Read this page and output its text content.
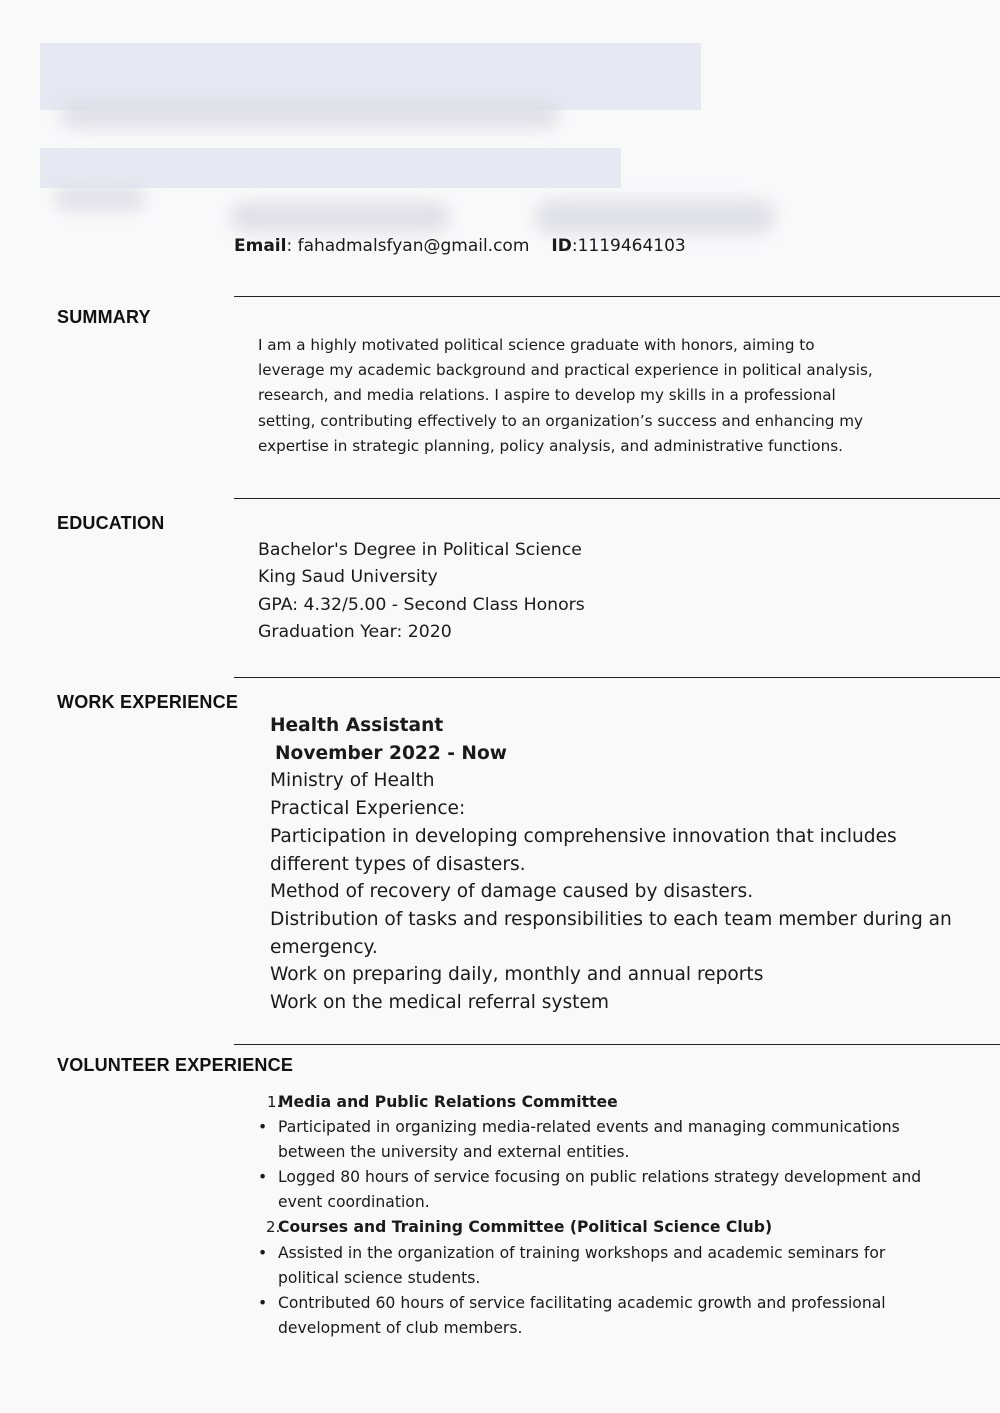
Email: fahadmalsfyan@gmail.com ID:1119464103
SUMMARY
I am a highly motivated political science graduate with honors, aiming to
leverage my academic background and practical experience in political analysis,
research, and media relations. I aspire to develop my skills in a professional
setting, contributing effectively to an organization’s success and enhancing my
expertise in strategic planning, policy analysis, and administrative functions.
EDUCATION
Bachelor's Degree in Political Science
King Saud University
GPA: 4.32/5.00 - Second Class Honors
Graduation Year: 2020
WORK EXPERIENCE
Health Assistant
November 2022 - Now
Ministry of Health
Practical Experience:
Participation in developing comprehensive innovation that includes
different types of disasters.
Method of recovery of damage caused by disasters.
Distribution of tasks and responsibilities to each team member during an
emergency.
Work on preparing daily, monthly and annual reports
Work on the medical referral system
VOLUNTEER EXPERIENCE
1.
Media and Public Relations Committee
• Participated in organizing media-related events and managing communications
between the university and external entities.
• Logged 80 hours of service focusing on public relations strategy development and
event coordination.
2.
Courses and Training Committee (Political Science Club)
• Assisted in the organization of training workshops and academic seminars for
political science students.
• Contributed 60 hours of service facilitating academic growth and professional
development of club members.
